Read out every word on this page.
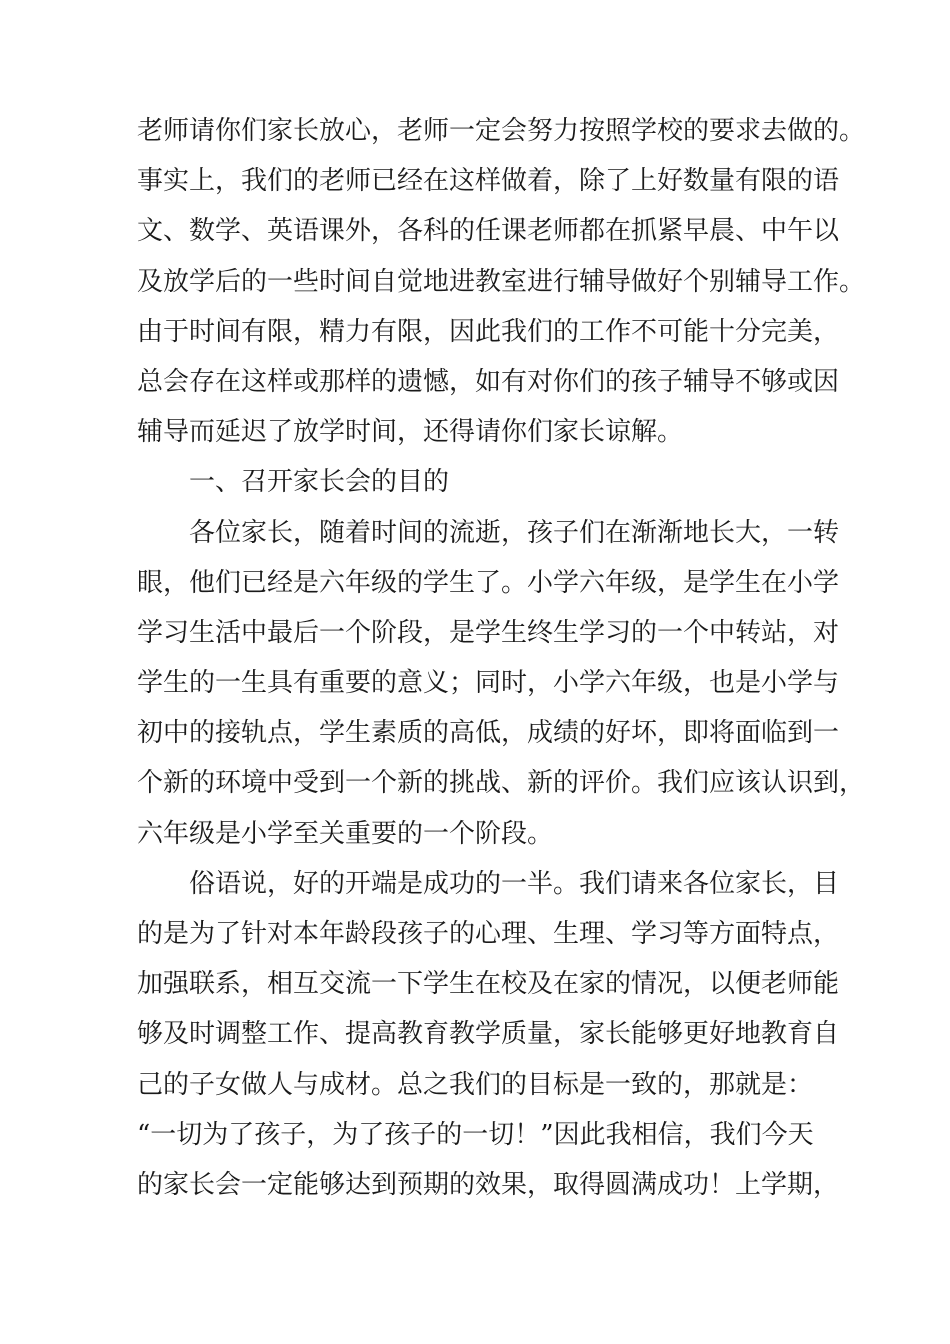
老师请你们家长放心，老师一定会努力按照学校的要求去做的。
事实上，我们的老师已经在这样做着，除了上好数量有限的语
文、数学、英语课外，各科的任课老师都在抓紧早晨、中午以
及放学后的一些时间自觉地进教室进行辅导做好个别辅导工作。
由于时间有限，精力有限，因此我们的工作不可能十分完美，
总会存在这样或那样的遗憾，如有对你们的孩子辅导不够或因
辅导而延迟了放学时间，还得请你们家长谅解。
一、召开家长会的目的
各位家长，随着时间的流逝，孩子们在渐渐地长大，一转
眼，他们已经是六年级的学生了。小学六年级，是学生在小学
学习生活中最后一个阶段，是学生终生学习的一个中转站，对
学生的一生具有重要的意义；同时，小学六年级，也是小学与
初中的接轨点，学生素质的高低，成绩的好坏，即将面临到一
个新的环境中受到一个新的挑战、新的评价。我们应该认识到，
六年级是小学至关重要的一个阶段。
俗语说，好的开端是成功的一半。我们请来各位家长，目
的是为了针对本年龄段孩子的心理、生理、学习等方面特点，
加强联系，相互交流一下学生在校及在家的情况，以便老师能
够及时调整工作、提高教育教学质量，家长能够更好地教育自
己的子女做人与成材。总之我们的目标是一致的，那就是：
“一切为了孩子，为了孩子的一切！”因此我相信，我们今天
的家长会一定能够达到预期的效果，取得圆满成功！上学期，
